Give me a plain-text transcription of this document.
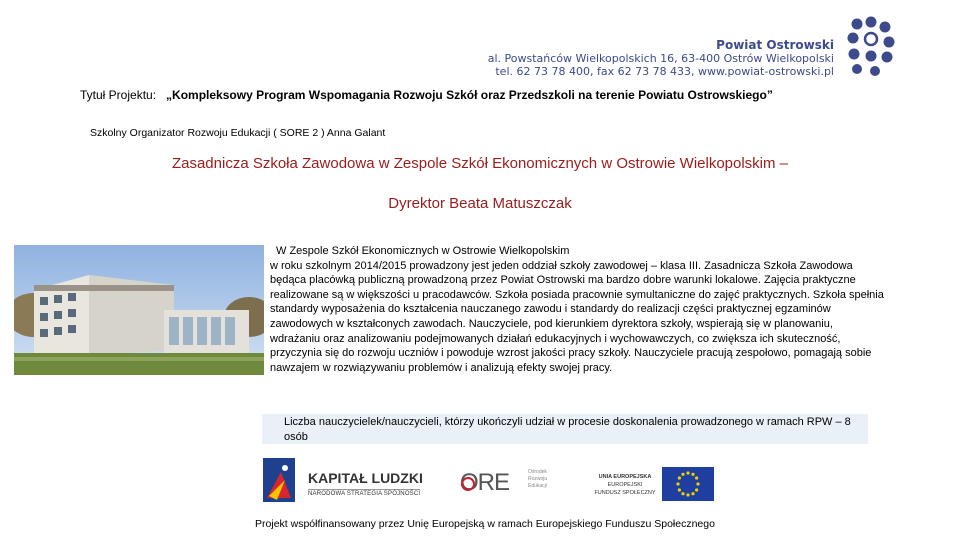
Powiat Ostrowski
al. Powstańców Wielkopolskich 16, 63-400 Ostrów Wielkopolski
tel. 62 73 78 400, fax 62 73 78 433, www.powiat-ostrowski.pl
Tytuł Projektu: „Kompleksowy Program Wspomagania Rozwoju Szkół oraz Przedszkoli na terenie Powiatu Ostrowskiego”
Szkolny Organizator Rozwoju Edukacji ( SORE 2 ) Anna Galant
Zasadnicza Szkoła Zawodowa w Zespole Szkół Ekonomicznych w Ostrowie Wielkopolskim –
Dyrektor Beata Matuszczak
W Zespole Szkół Ekonomicznych w Ostrowie Wielkopolskim
w roku szkolnym 2014/2015 prowadzony jest jeden oddział szkoły zawodowej – klasa III. Zasadnicza Szkoła Zawodowa będąca placówką publiczną prowadzoną przez Powiat Ostrowski ma bardzo dobre warunki lokalowe. Zajęcia praktyczne realizowane są w większości u pracodawców. Szkoła posiada pracownie symultaniczne do zajęć praktycznych. Szkoła spełnia standardy wyposażenia do kształcenia nauczanego zawodu i standardy do realizacji części praktycznej egzaminów zawodowych w kształconych zawodach. Nauczyciele, pod kierunkiem dyrektora szkoły, wspierają się w planowaniu, wdrażaniu oraz analizowaniu podejmowanych działań edukacyjnych i wychowawczych, co zwiększa ich skuteczność, przyczynia się do rozwoju uczniów i powoduje wzrost jakości pracy szkoły. Nauczyciele pracują zespołowo, pomagają sobie nawzajem w rozwiązywaniu problemów i analizują efekty swojej pracy.
Liczba nauczycielek/nauczycieli, którzy ukończyli udział w procesie doskonalenia prowadzonego w ramach RPW – 8 osób
KAPITAŁ LUDZKI
NARODOWA STRATEGIA SPÓJNOŚCI ORE	Ośrodek
Rozwoju
Edukacji
UNIA EUROPEJSKA
EUROPEJSKI
FUNDUSZ SPOŁECZNY
Projekt współfinansowany przez Unię Europejską w ramach Europejskiego Funduszu Społecznego
